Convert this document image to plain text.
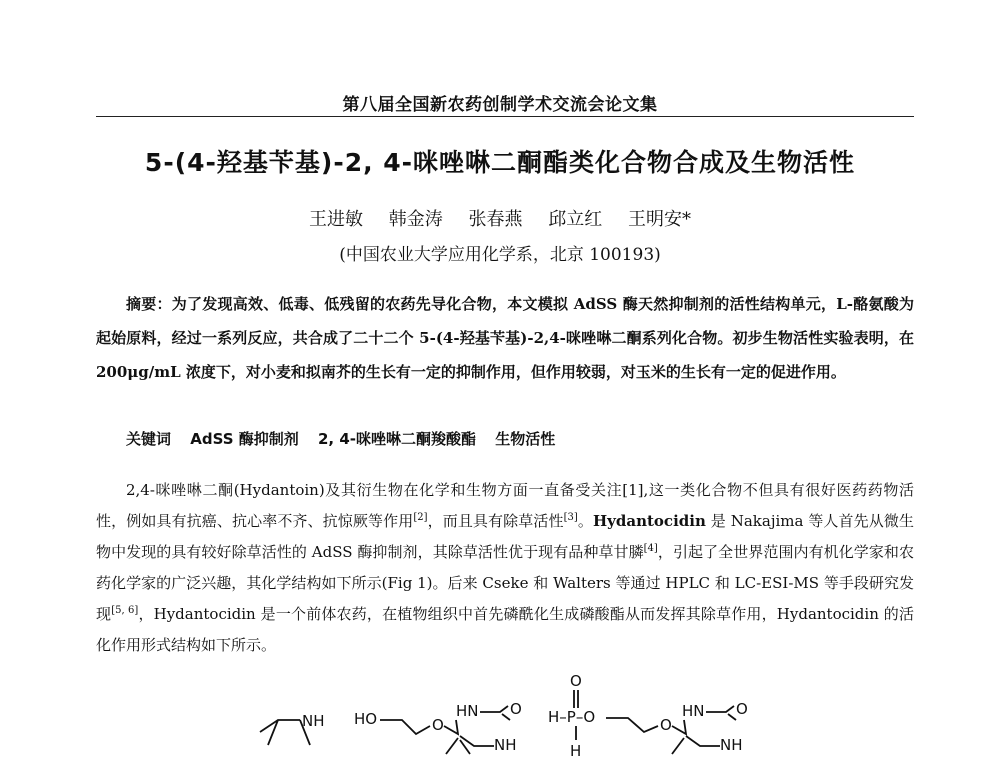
第八届全国新农药创制学术交流会论文集
5-(4-羟基苄基)-2, 4-咪唑啉二酮酯类化合物合成及生物活性
王进敏 韩金涛 张春燕 邱立红 王明安*
(中国农业大学应用化学系，北京 100193)

摘要：为了发现高效、低毒、低残留的农药先导化合物，本文模拟 AdSS 酶天然抑制剂的活性结构单元，L-酪氨酸为起始原料，经过一系列反应，共合成了二十二个 5-(4-羟基苄基)-2,4-咪唑啉二酮系列化合物。初步生物活性实验表明，在 200μg/mL 浓度下，对小麦和拟南芥的生长有一定的抑制作用，但作用较弱，对玉米的生长有一定的促进作用。

关键词 AdSS 酶抑制剂 2, 4-咪唑啉二酮羧酸酯 生物活性

2,4-咪唑啉二酮(Hydantoin)及其衍生物在化学和生物方面一直备受关注[1],这一类化合物不但具有很好医药药物活性，例如具有抗癌、抗心率不齐、抗惊厥等作用[2]，而且具有除草活性[3]。Hydantocidin 是 Nakajima 等人首先从微生物中发现的具有较好除草活性的 AdSS 酶抑制剂，其除草活性优于现有品种草甘膦[4]，引起了全世界范围内有机化学家和农药化学家的广泛兴趣，其化学结构如下所示(Fig 1)。后来 Cseke 和 Walters 等通过 HPLC 和 LC-ESI-MS 等手段研究发现[5, 6]，Hydantocidin 是一个前体农药，在植物组织中首先磷酰化生成磷酸酯从而发挥其除草作用，Hydantocidin 的活化作用形式结构如下所示。

NH HO	O
HN O
NH
O
H–P–O
H
O
HN O
NH
